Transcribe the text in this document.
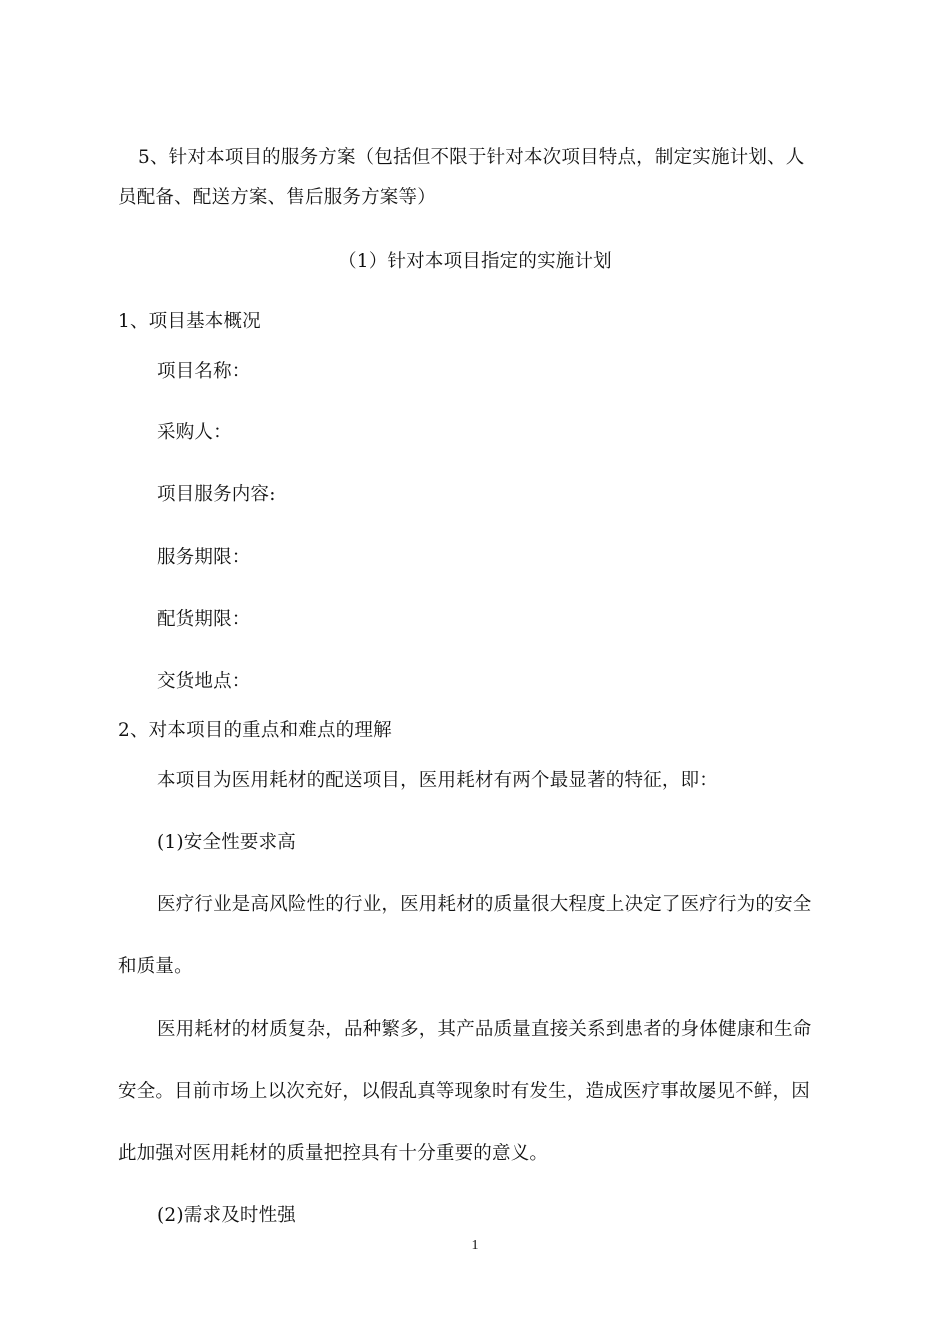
5、针对本项目的服务方案（包括但不限于针对本次项目特点，制定实施计划、人
员配备、配送方案、售后服务方案等）
（1）针对本项目指定的实施计划
1、项目基本概况
项目名称：
采购人：
项目服务内容:
服务期限：
配货期限：
交货地点：
2、对本项目的重点和难点的理解
本项目为医用耗材的配送项目，医用耗材有两个最显著的特征，即：
(1)安全性要求高
医疗行业是高风险性的行业，医用耗材的质量很大程度上决定了医疗行为的安全
和质量。
医用耗材的材质复杂，品种繁多，其产品质量直接关系到患者的身体健康和生命
安全。目前市场上以次充好，以假乱真等现象时有发生，造成医疗事故屡见不鲜，因
此加强对医用耗材的质量把控具有十分重要的意义。
(2)需求及时性强
1
